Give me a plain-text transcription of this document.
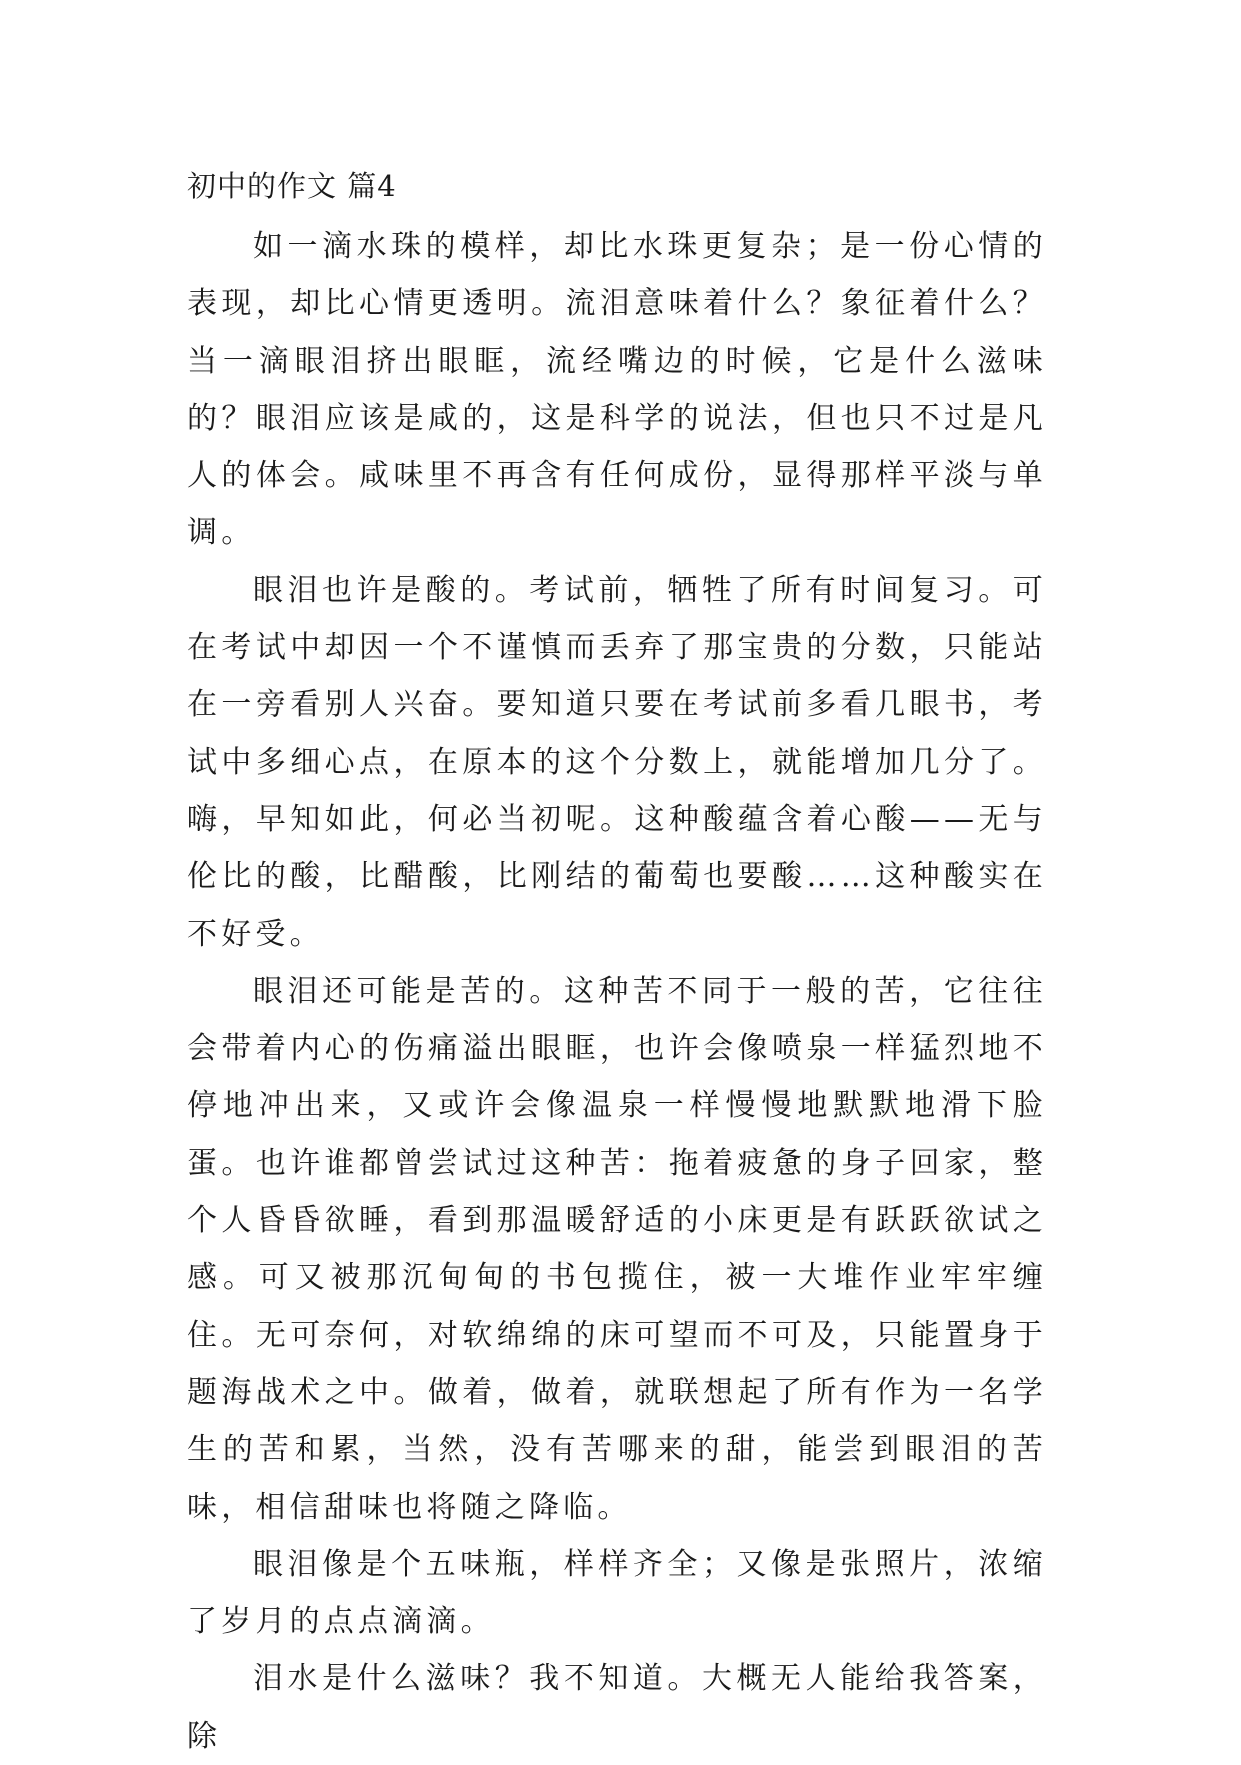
初中的作文 篇4

如一滴水珠的模样，却比水珠更复杂；是一份心情的表现，却比心情更透明。流泪意味着什么？象征着什么？当一滴眼泪挤出眼眶，流经嘴边的时候，它是什么滋味的？眼泪应该是咸的，这是科学的说法，但也只不过是凡人的体会。咸味里不再含有任何成份，显得那样平淡与单调。

眼泪也许是酸的。考试前，牺牲了所有时间复习。可在考试中却因一个不谨慎而丢弃了那宝贵的分数，只能站在一旁看别人兴奋。要知道只要在考试前多看几眼书，考试中多细心点，在原本的这个分数上，就能增加几分了。嗨，早知如此，何必当初呢。这种酸蕴含着心酸——无与伦比的酸，比醋酸，比刚结的葡萄也要酸……这种酸实在不好受。

眼泪还可能是苦的。这种苦不同于一般的苦，它往往会带着内心的伤痛溢出眼眶，也许会像喷泉一样猛烈地不停地冲出来，又或许会像温泉一样慢慢地默默地滑下脸蛋。也许谁都曾尝试过这种苦：拖着疲惫的身子回家，整个人昏昏欲睡，看到那温暖舒适的小床更是有跃跃欲试之感。可又被那沉甸甸的书包揽住，被一大堆作业牢牢缠住。无可奈何，对软绵绵的床可望而不可及，只能置身于题海战术之中。做着，做着，就联想起了所有作为一名学生的苦和累，当然，没有苦哪来的甜，能尝到眼泪的苦味，相信甜味也将随之降临。

眼泪像是个五味瓶，样样齐全；又像是张照片，浓缩了岁月的点点滴滴。

泪水是什么滋味？我不知道。大概无人能给我答案，除
